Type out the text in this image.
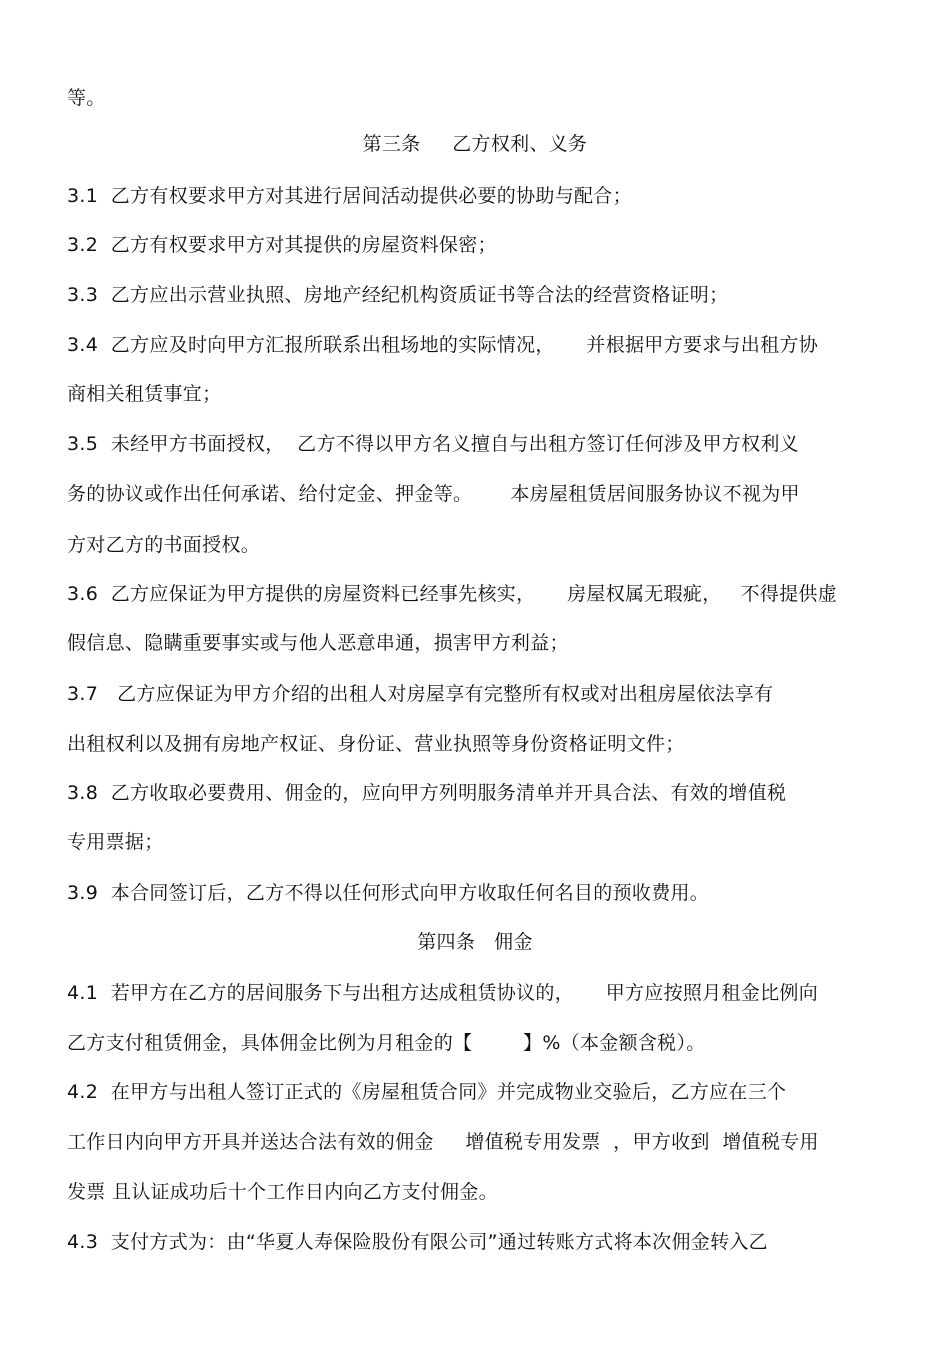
等。
第三条     乙方权利、义务
3.1  乙方有权要求甲方对其进行居间活动提供必要的协助与配合；
3.2  乙方有权要求甲方对其提供的房屋资料保密；
3.3  乙方应出示营业执照、房地产经纪机构资质证书等合法的经营资格证明；
3.4  乙方应及时向甲方汇报所联系出租场地的实际情况，     并根据甲方要求与出租方协
商相关租赁事宜；
3.5  未经甲方书面授权，  乙方不得以甲方名义擅自与出租方签订任何涉及甲方权利义
务的协议或作出任何承诺、给付定金、押金等。      本房屋租赁居间服务协议不视为甲
方对乙方的书面授权。
3.6  乙方应保证为甲方提供的房屋资料已经事先核实，     房屋权属无瑕疵，   不得提供虚
假信息、隐瞒重要事实或与他人恶意串通，损害甲方利益；
3.7   乙方应保证为甲方介绍的出租人对房屋享有完整所有权或对出租房屋依法享有
出租权利以及拥有房地产权证、身份证、营业执照等身份资格证明文件；
3.8  乙方收取必要费用、佣金的，应向甲方列明服务清单并开具合法、有效的增值税
专用票据；
3.9  本合同签订后，乙方不得以任何形式向甲方收取任何名目的预收费用。
第四条   佣金
4.1  若甲方在乙方的居间服务下与出租方达成租赁协议的，     甲方应按照月租金比例向
乙方支付租赁佣金，具体佣金比例为月租金的【        】%（本金额含税）。
4.2  在甲方与出租人签订正式的《房屋租赁合同》并完成物业交验后，乙方应在三个
工作日内向甲方开具并送达合法有效的佣金     增值税专用发票  ，甲方收到  增值税专用
发票 且认证成功后十个工作日内向乙方支付佣金。
4.3  支付方式为：由“华夏人寿保险股份有限公司”通过转账方式将本次佣金转入乙
